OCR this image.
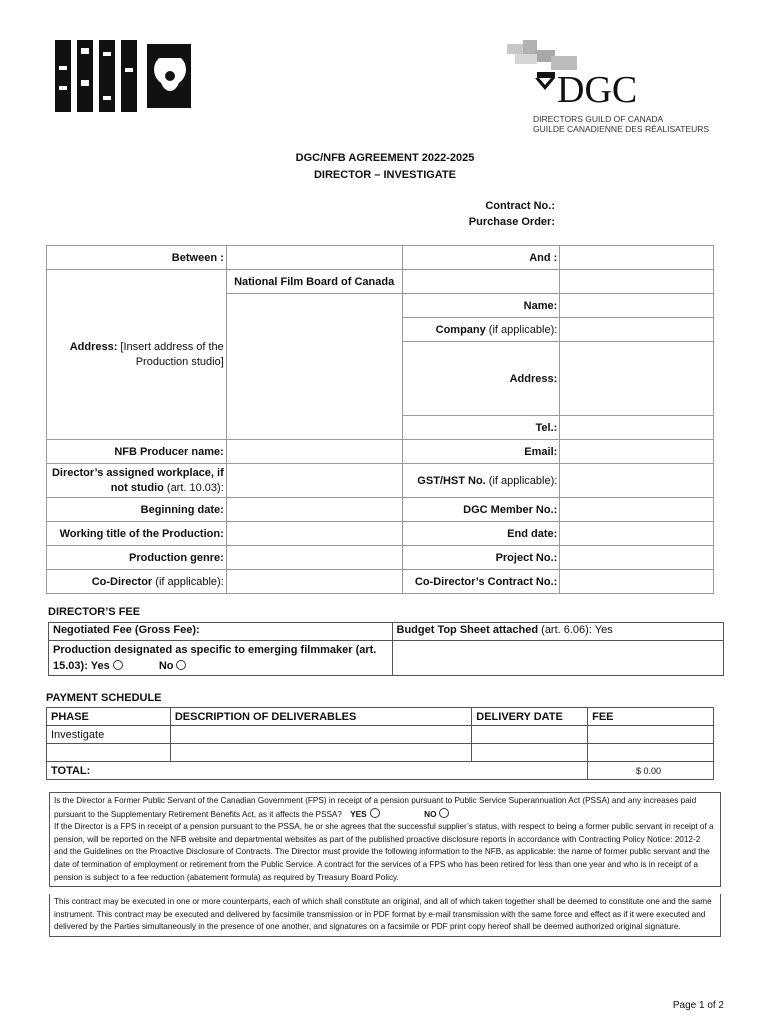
DGC
DIRECTORS GUILD OF CANADA
GUILDE CANADIENNE DES RÉALISATEURS
DGC/NFB AGREEMENT 2022-2025
DIRECTOR – INVESTIGATE
Contract No.:
Purchase Order:
Between :		And :	
Address: [Insert address of the Production studio]	National Film Board of Canada		
		Name:	
		Company (if applicable):	
		Address:	
		Tel.:	

NFB Producer name:		Email:	
Director’s assigned workplace, if not studio (art. 10.03):		GST/HST No. (if applicable):	
Beginning date:		DGC Member No.:	
Working title of the Production:		End date:	
Production genre:		Project No.:	
Co-Director (if applicable):		Co-Director’s Contract No.:	
DIRECTOR’S FEE
Negotiated Fee (Gross Fee):	Budget Top Sheet attached (art. 6.06): Yes
Production designated as specific to emerging filmmaker (art. 15.03): Yes No	
PAYMENT SCHEDULE
PHASE	DESCRIPTION OF DELIVERABLES	DELIVERY DATE	FEE
Investigate			

TOTAL:			$ 0.00
Is the Director a Former Public Servant of the Canadian Government (FPS) in receipt of a pension pursuant to Public Service Superannuation Act (PSSA) and any increases paid pursuant to the Supplementary Retirement Benefits Act, as it affects the PSSA? YES	NO
If the Director is a FPS in receipt of a pension pursuant to the PSSA, he or she agrees that the successful supplier’s status, with respect to being a former public servant in receipt of a pension, will be reported on the NFB website and departmental websites as part of the published proactive disclosure reports in accordance with Contracting Policy Notice: 2012-2 and the Guidelines on the Proactive Disclosure of Contracts. The Director must provide the following information to the NFB, as applicable: the name of former public servant and the date of termination of employment or retirement from the Public Service. A contract for the services of a FPS who has been retired for less than one year and who is in receipt of a pension is subject to a fee reduction (abatement formula) as required by Treasury Board Policy.
This contract may be executed in one or more counterparts, each of which shall constitute an original, and all of which taken together shall be deemed to constitute one and the same instrument. This contract may be executed and delivered by facsimile transmission or in PDF format by e-mail transmission with the same force and effect as if it were executed and delivered by the Parties simultaneously in the presence of one another, and signatures on a facsimile or PDF print copy hereof shall be deemed authorized original signature.
Page 1 of 2
